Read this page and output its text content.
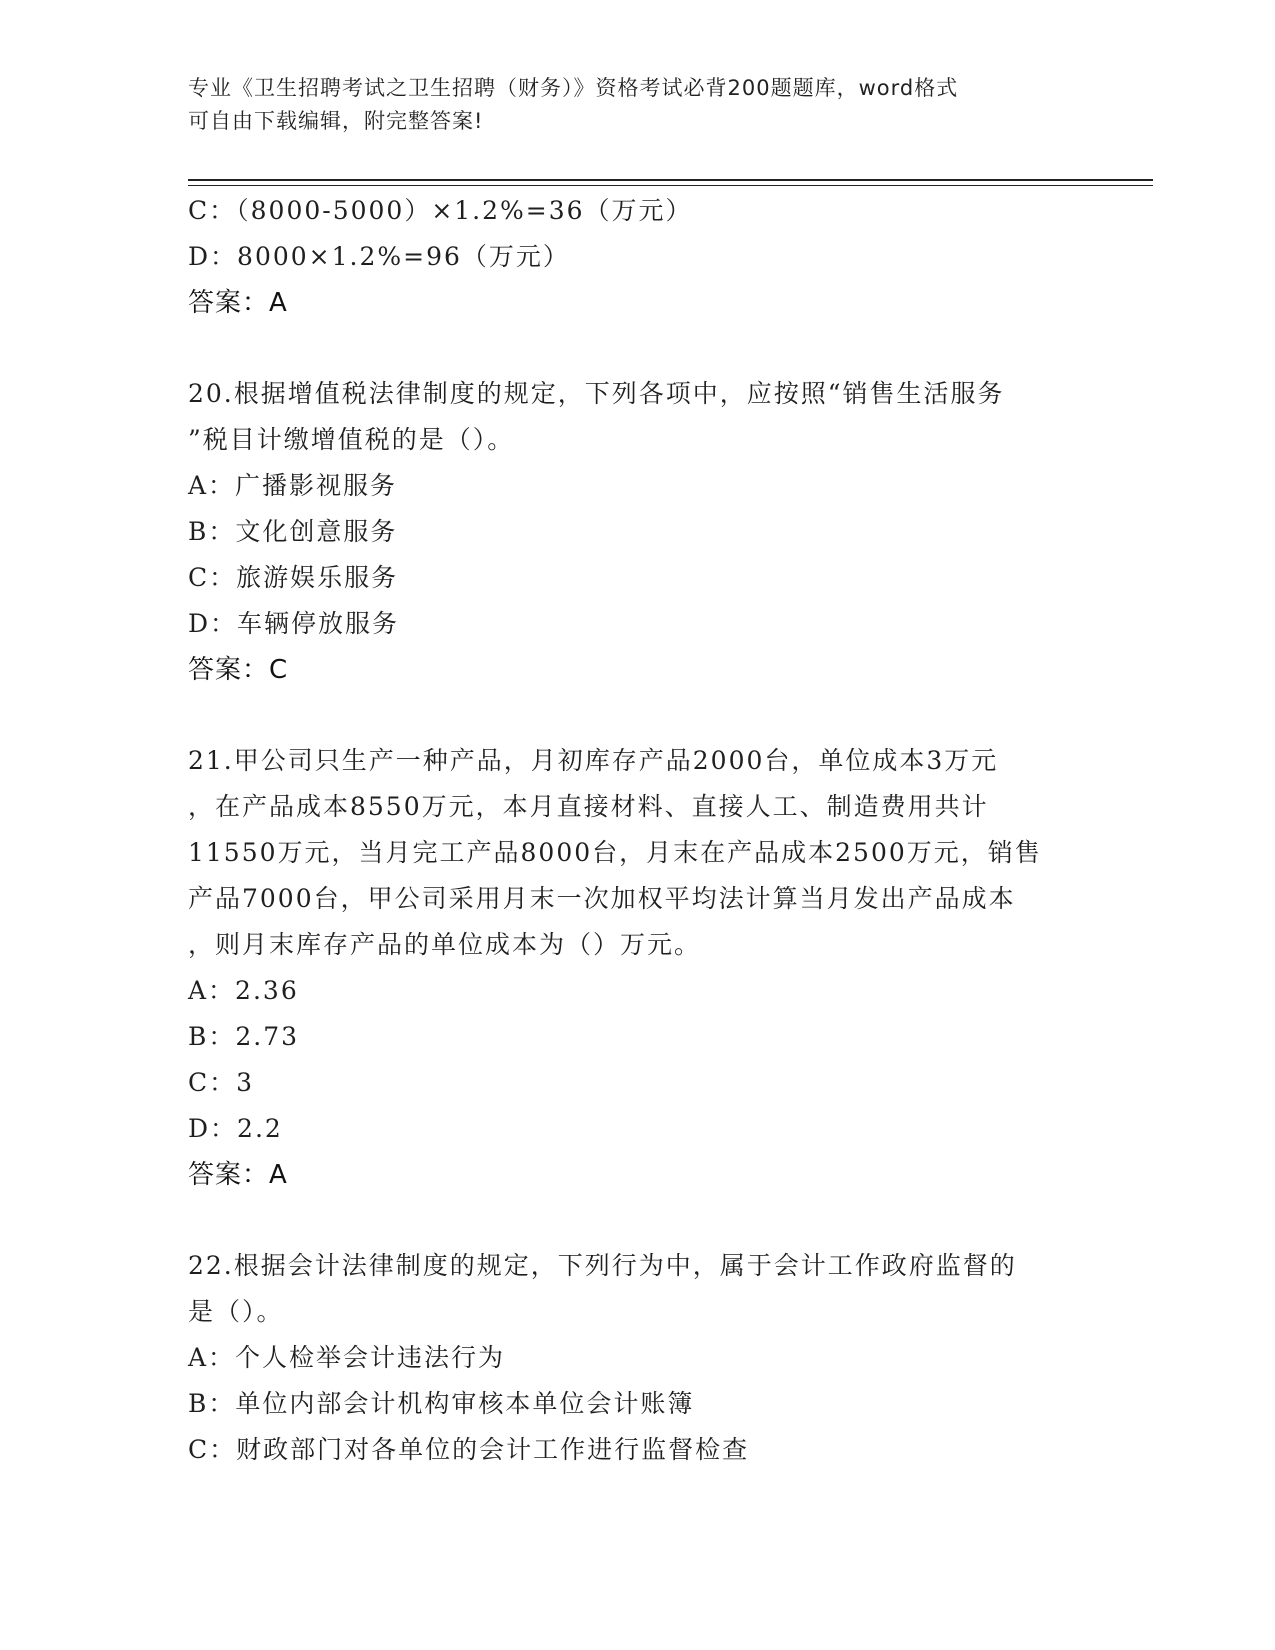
专业《卫生招聘考试之卫生招聘（财务）》资格考试必背200题题库，word格式
可自由下载编辑，附完整答案!
C：（8000-5000）×1.2%=36（万元）
D：8000×1.2%=96（万元）
答案：A
20.根据增值税法律制度的规定，下列各项中，应按照“销售生活服务
”税目计缴增值税的是（）。
A：广播影视服务
B：文化创意服务
C：旅游娱乐服务
D：车辆停放服务
答案：C
21.甲公司只生产一种产品，月初库存产品2000台，单位成本3万元
，在产品成本8550万元，本月直接材料、直接人工、制造费用共计
11550万元，当月完工产品8000台，月末在产品成本2500万元，销售
产品7000台，甲公司采用月末一次加权平均法计算当月发出产品成本
，则月末库存产品的单位成本为（）万元。
A：2.36
B：2.73
C：3
D：2.2
答案：A
22.根据会计法律制度的规定，下列行为中，属于会计工作政府监督的
是（）。
A：个人检举会计违法行为
B：单位内部会计机构审核本单位会计账簿
C：财政部门对各单位的会计工作进行监督检查
